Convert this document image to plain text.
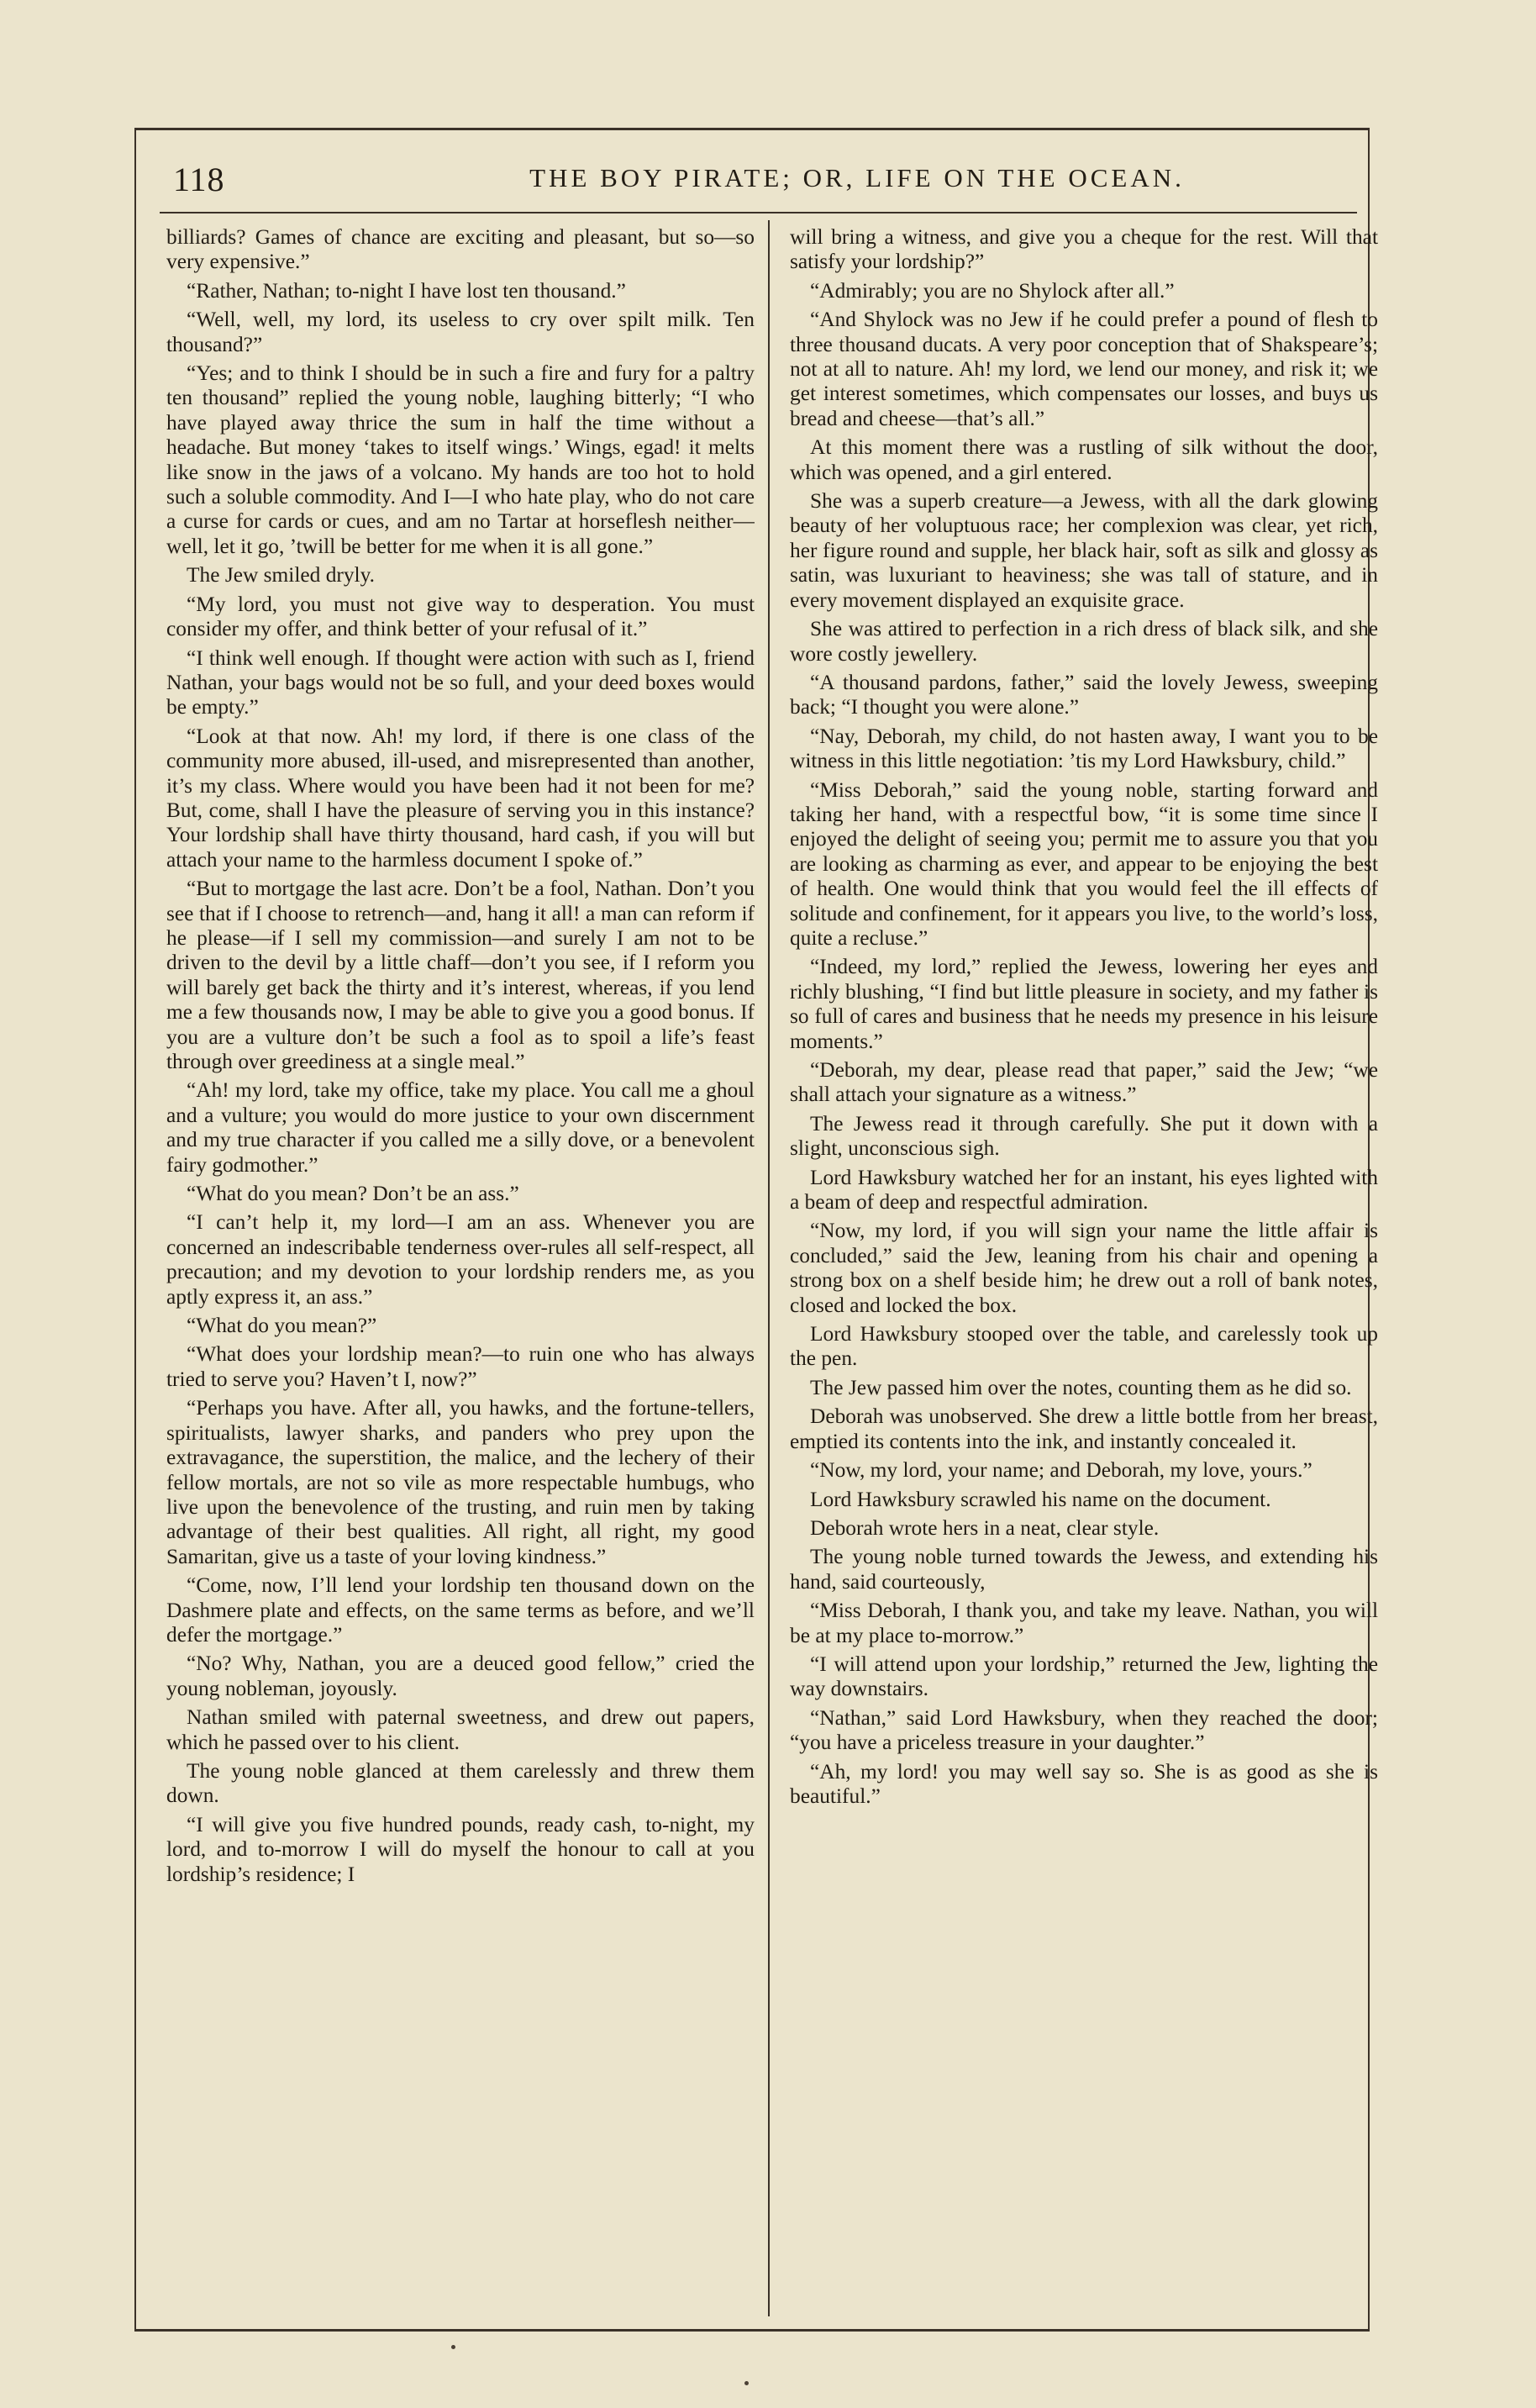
118	THE BOY PIRATE; OR, LIFE ON THE OCEAN.

billiards? Games of chance are exciting and pleasant, but so—so very expensive.”

“Rather, Nathan; to-night I have lost ten thousand.”

“Well, well, my lord, its useless to cry over spilt milk. Ten thousand?”

“Yes; and to think I should be in such a fire and fury for a paltry ten thousand” replied the young noble, laughing bitterly; “I who have played away thrice the sum in half the time without a headache. But money ‘takes to itself wings.’ Wings, egad! it melts like snow in the jaws of a volcano. My hands are too hot to hold such a soluble commodity. And I—I who hate play, who do not care a curse for cards or cues, and am no Tartar at horseflesh neither—well, let it go, ’twill be better for me when it is all gone.”

The Jew smiled dryly.

“My lord, you must not give way to desperation. You must consider my offer, and think better of your refusal of it.”

“I think well enough. If thought were action with such as I, friend Nathan, your bags would not be so full, and your deed boxes would be empty.”

“Look at that now. Ah! my lord, if there is one class of the community more abused, ill-used, and misrepresented than another, it’s my class. Where would you have been had it not been for me? But, come, shall I have the pleasure of serving you in this instance? Your lordship shall have thirty thousand, hard cash, if you will but attach your name to the harmless document I spoke of.”

“But to mortgage the last acre. Don’t be a fool, Nathan. Don’t you see that if I choose to retrench—and, hang it all! a man can reform if he please—if I sell my commission—and surely I am not to be driven to the devil by a little chaff—don’t you see, if I reform you will barely get back the thirty and it’s interest, whereas, if you lend me a few thousands now, I may be able to give you a good bonus. If you are a vulture don’t be such a fool as to spoil a life’s feast through over greediness at a single meal.”

“Ah! my lord, take my office, take my place. You call me a ghoul and a vulture; you would do more justice to your own discernment and my true character if you called me a silly dove, or a benevolent fairy godmother.”

“What do you mean? Don’t be an ass.”

“I can’t help it, my lord—I am an ass. Whenever you are concerned an indescribable tenderness over-rules all self-respect, all precaution; and my devotion to your lordship renders me, as you aptly express it, an ass.”

“What do you mean?”

“What does your lordship mean?—to ruin one who has always tried to serve you? Haven’t I, now?”

“Perhaps you have. After all, you hawks, and the fortune-tellers, spiritualists, lawyer sharks, and panders who prey upon the extravagance, the superstition, the malice, and the lechery of their fellow mortals, are not so vile as more respectable humbugs, who live upon the benevolence of the trusting, and ruin men by taking advantage of their best qualities. All right, all right, my good Samaritan, give us a taste of your loving kindness.”

“Come, now, I’ll lend your lordship ten thousand down on the Dashmere plate and effects, on the same terms as before, and we’ll defer the mortgage.”

“No? Why, Nathan, you are a deuced good fellow,” cried the young nobleman, joyously.

Nathan smiled with paternal sweetness, and drew out papers, which he passed over to his client.

The young noble glanced at them carelessly and threw them down.

“I will give you five hundred pounds, ready cash, to-night, my lord, and to-morrow I will do myself the honour to call at you lordship’s residence; I

will bring a witness, and give you a cheque for the rest. Will that satisfy your lordship?”

“Admirably; you are no Shylock after all.”

“And Shylock was no Jew if he could prefer a pound of flesh to three thousand ducats. A very poor conception that of Shakspeare’s; not at all to nature. Ah! my lord, we lend our money, and risk it; we get interest sometimes, which compensates our losses, and buys us bread and cheese—that’s all.”

At this moment there was a rustling of silk without the door, which was opened, and a girl entered.

She was a superb creature—a Jewess, with all the dark glowing beauty of her voluptuous race; her complexion was clear, yet rich, her figure round and supple, her black hair, soft as silk and glossy as satin, was luxuriant to heaviness; she was tall of stature, and in every movement displayed an exquisite grace.

She was attired to perfection in a rich dress of black silk, and she wore costly jewellery.

“A thousand pardons, father,” said the lovely Jewess, sweeping back; “I thought you were alone.”

“Nay, Deborah, my child, do not hasten away, I want you to be witness in this little negotiation: ’tis my Lord Hawksbury, child.”

“Miss Deborah,” said the young noble, starting forward and taking her hand, with a respectful bow, “it is some time since I enjoyed the delight of seeing you; permit me to assure you that you are looking as charming as ever, and appear to be enjoying the best of health. One would think that you would feel the ill effects of solitude and confinement, for it appears you live, to the world’s loss, quite a recluse.”

“Indeed, my lord,” replied the Jewess, lowering her eyes and richly blushing, “I find but little pleasure in society, and my father is so full of cares and business that he needs my presence in his leisure moments.”

“Deborah, my dear, please read that paper,” said the Jew; “we shall attach your signature as a witness.”

The Jewess read it through carefully. She put it down with a slight, unconscious sigh.

Lord Hawksbury watched her for an instant, his eyes lighted with a beam of deep and respectful admiration.

“Now, my lord, if you will sign your name the little affair is concluded,” said the Jew, leaning from his chair and opening a strong box on a shelf beside him; he drew out a roll of bank notes, closed and locked the box.

Lord Hawksbury stooped over the table, and carelessly took up the pen.

The Jew passed him over the notes, counting them as he did so.

Deborah was unobserved. She drew a little bottle from her breast, emptied its contents into the ink, and instantly concealed it.

“Now, my lord, your name; and Deborah, my love, yours.”

Lord Hawksbury scrawled his name on the document.

Deborah wrote hers in a neat, clear style.

The young noble turned towards the Jewess, and extending his hand, said courteously,

“Miss Deborah, I thank you, and take my leave. Nathan, you will be at my place to-morrow.”

“I will attend upon your lordship,” returned the Jew, lighting the way downstairs.

“Nathan,” said Lord Hawksbury, when they reached the door; “you have a priceless treasure in your daughter.”

“Ah, my lord! you may well say so. She is as good as she is beautiful.”
